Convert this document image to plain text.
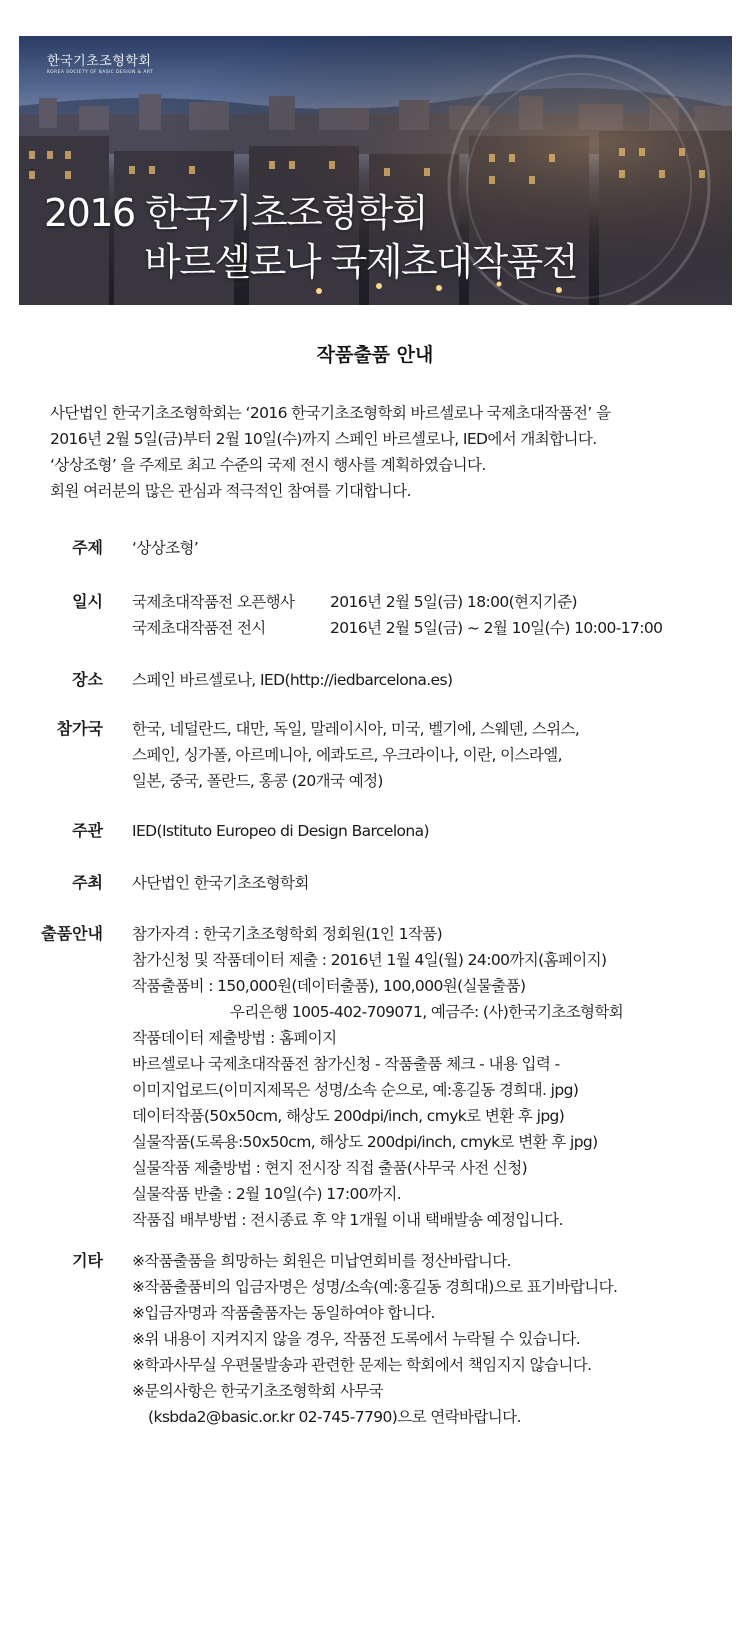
한국기초조형학회
KOREA SOCIETY OF BASIC DESIGN & ART
2016 한국기초조형학회
바르셀로나 국제초대작품전
작품출품 안내
사단법인 한국기초조형학회는 ‘2016 한국기초조형학회 바르셀로나 국제초대작품전’ 을
2016년 2월 5일(금)부터 2월 10일(수)까지 스페인 바르셀로나, IED에서 개최합니다.
‘상상조형’ 을 주제로 최고 수준의 국제 전시 행사를 계획하였습니다.
회원 여러분의 많은 관심과 적극적인 참여를 기대합니다.
주제 ‘상상조형’
일시 국제초대작품전 오픈행사 2016년 2월 5일(금) 18:00(현지기준)
국제초대작품전 전시	2016년 2월 5일(금) ~ 2월 10일(수) 10:00-17:00
장소 스페인 바르셀로나, IED(http://iedbarcelona.es)
참가국 한국, 네덜란드, 대만, 독일, 말레이시아, 미국, 벨기에, 스웨덴, 스위스,
스페인, 싱가폴, 아르메니아, 에콰도르, 우크라이나, 이란, 이스라엘,
일본, 중국, 폴란드, 홍콩 (20개국 예정)
주관 IED(Istituto Europeo di Design Barcelona)
주최 사단법인 한국기초조형학회
출품안내 참가자격 : 한국기초조형학회 정회원(1인 1작품)
참가신청 및 작품데이터 제출 : 2016년 1월 4일(월) 24:00까지(홈페이지)
작품출품비 : 150,000원(데이터출품), 100,000원(실물출품)
우리은행 1005-402-709071, 예금주: (사)한국기초조형학회
작품데이터 제출방법 : 홈페이지
바르셀로나 국제초대작품전 참가신청 - 작품출품 체크 - 내용 입력 -
이미지업로드(이미지제목은 성명/소속 순으로, 예:홍길동 경희대. jpg)
데이터작품(50x50cm, 해상도 200dpi/inch, cmyk로 변환 후 jpg)
실물작품(도록용:50x50cm, 해상도 200dpi/inch, cmyk로 변환 후 jpg)
실물작품 제출방법 : 현지 전시장 직접 출품(사무국 사전 신청)
실물작품 반출 : 2월 10일(수) 17:00까지.
작품집 배부방법 : 전시종료 후 약 1개월 이내 택배발송 예정입니다.
기타 ※작품출품을 희망하는 회원은 미납연회비를 정산바랍니다.
※작품출품비의 입금자명은 성명/소속(예:홍길동 경희대)으로 표기바랍니다.
※입금자명과 작품출품자는 동일하여야 합니다.
※위 내용이 지켜지지 않을 경우, 작품전 도록에서 누락될 수 있습니다.
※학과사무실 우편물발송과 관련한 문제는 학회에서 책임지지 않습니다.
※문의사항은 한국기초조형학회 사무국
(ksbda2@basic.or.kr 02-745-7790)으로 연락바랍니다.
